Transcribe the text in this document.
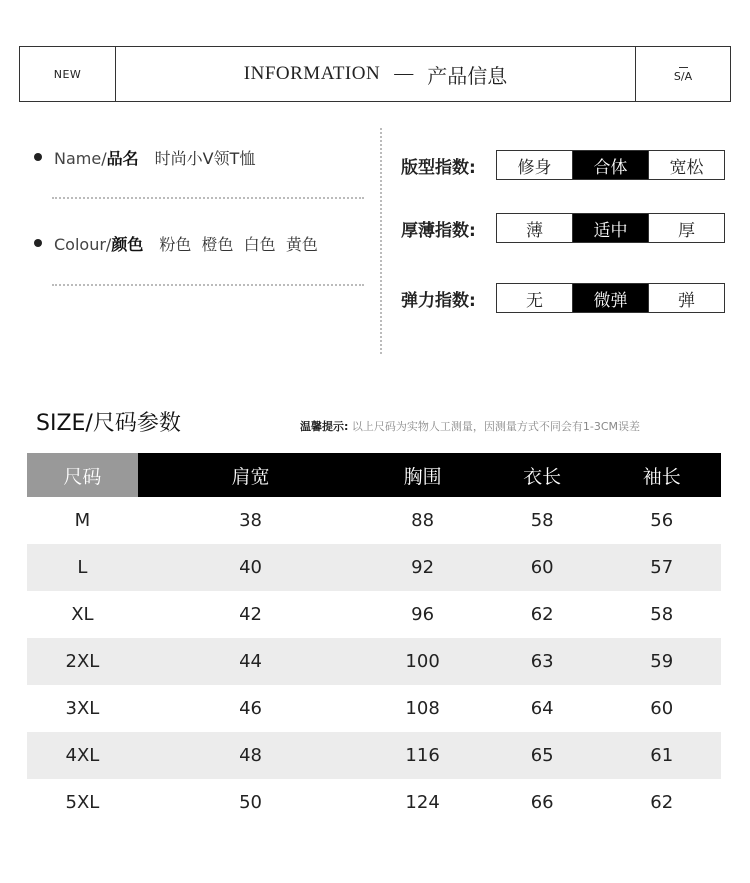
NEW	INFORMATION — 产品信息	S/A
Name/品名 时尚小V领T恤
Colour/颜色 粉色  橙色  白色  黄色
版型指数:	修身	合体	宽松
厚薄指数:	薄	适中	厚
弹力指数:	无	微弹	弹
SIZE/尺码参数	温馨提示: 以上尺码为实物人工测量，因测量方式不同会有1-3CM误差
尺码	肩宽	胸围	衣长	袖长
M	38	88	58	56
L	40	92	60	57
XL	42	96	62	58
2XL	44	100	63	59
3XL	46	108	64	60
4XL	48	116	65	61
5XL	50	124	66	62
